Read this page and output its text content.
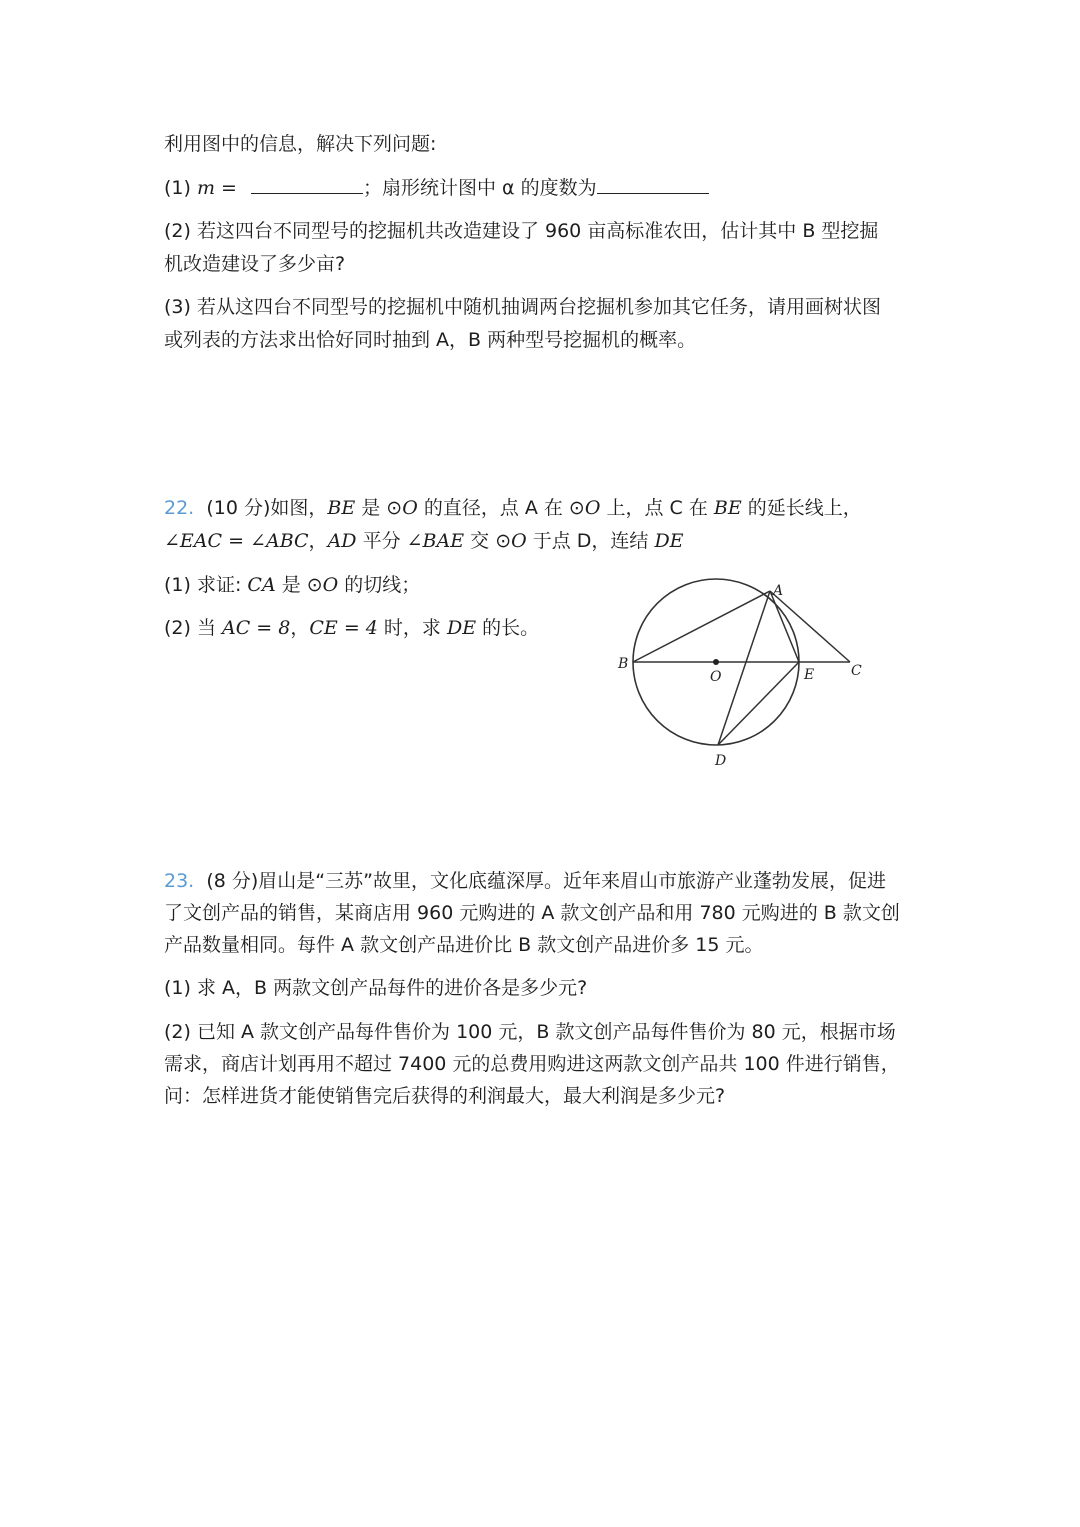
利用图中的信息，解决下列问题:
(1) m =	；扇形统计图中 α 的度数为
(2) 若这四台不同型号的挖掘机共改造建设了 960 亩高标准农田，估计其中 B 型挖掘
机改造建设了多少亩?
(3) 若从这四台不同型号的挖掘机中随机抽调两台挖掘机参加其它任务，请用画树状图
或列表的方法求出恰好同时抽到 A，B 两种型号挖掘机的概率。
22. (10 分)如图，BE 是 ⊙O 的直径，点 A 在 ⊙O 上，点 C 在 BE 的延长线上，
∠EAC = ∠ABC，AD 平分 ∠BAE 交 ⊙O 于点 D，连结 DE
(1) 求证: CA 是 ⊙O 的切线；
(2) 当 AC = 8，CE = 4 时，求 DE 的长。
A
B	C
D
E
O
23. (8 分)眉山是“三苏”故里，文化底蕴深厚。近年来眉山市旅游产业蓬勃发展，促进
了文创产品的销售，某商店用 960 元购进的 A 款文创产品和用 780 元购进的 B 款文创
产品数量相同。每件 A 款文创产品进价比 B 款文创产品进价多 15 元。
(1) 求 A，B 两款文创产品每件的进价各是多少元?
(2) 已知 A 款文创产品每件售价为 100 元，B 款文创产品每件售价为 80 元，根据市场
需求，商店计划再用不超过 7400 元的总费用购进这两款文创产品共 100 件进行销售，
问：怎样进货才能使销售完后获得的利润最大，最大利润是多少元?
